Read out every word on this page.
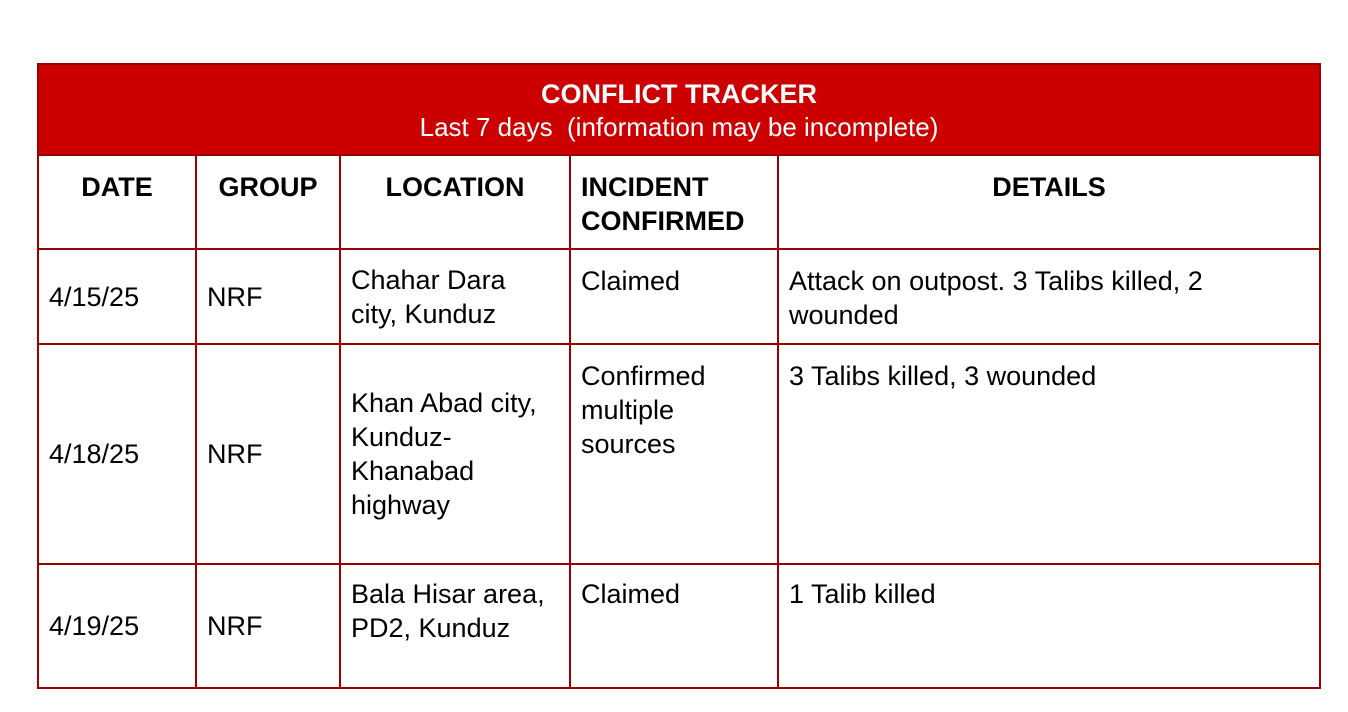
CONFLICT TRACKER
Last 7 days  (information may be incomplete)				

DATE	GROUP	LOCATION	INCIDENT CONFIRMED	DETAILS
4/15/25	NRF	Chahar Dara city, Kunduz	Claimed	Attack on outpost. 3 Talibs killed, 2 wounded
4/18/25	NRF	Khan Abad city, Kunduz-Khanabad highway	Confirmed multiple sources	3 Talibs killed, 3 wounded
4/19/25	NRF	Bala Hisar area, PD2, Kunduz	Claimed	1 Talib killed
